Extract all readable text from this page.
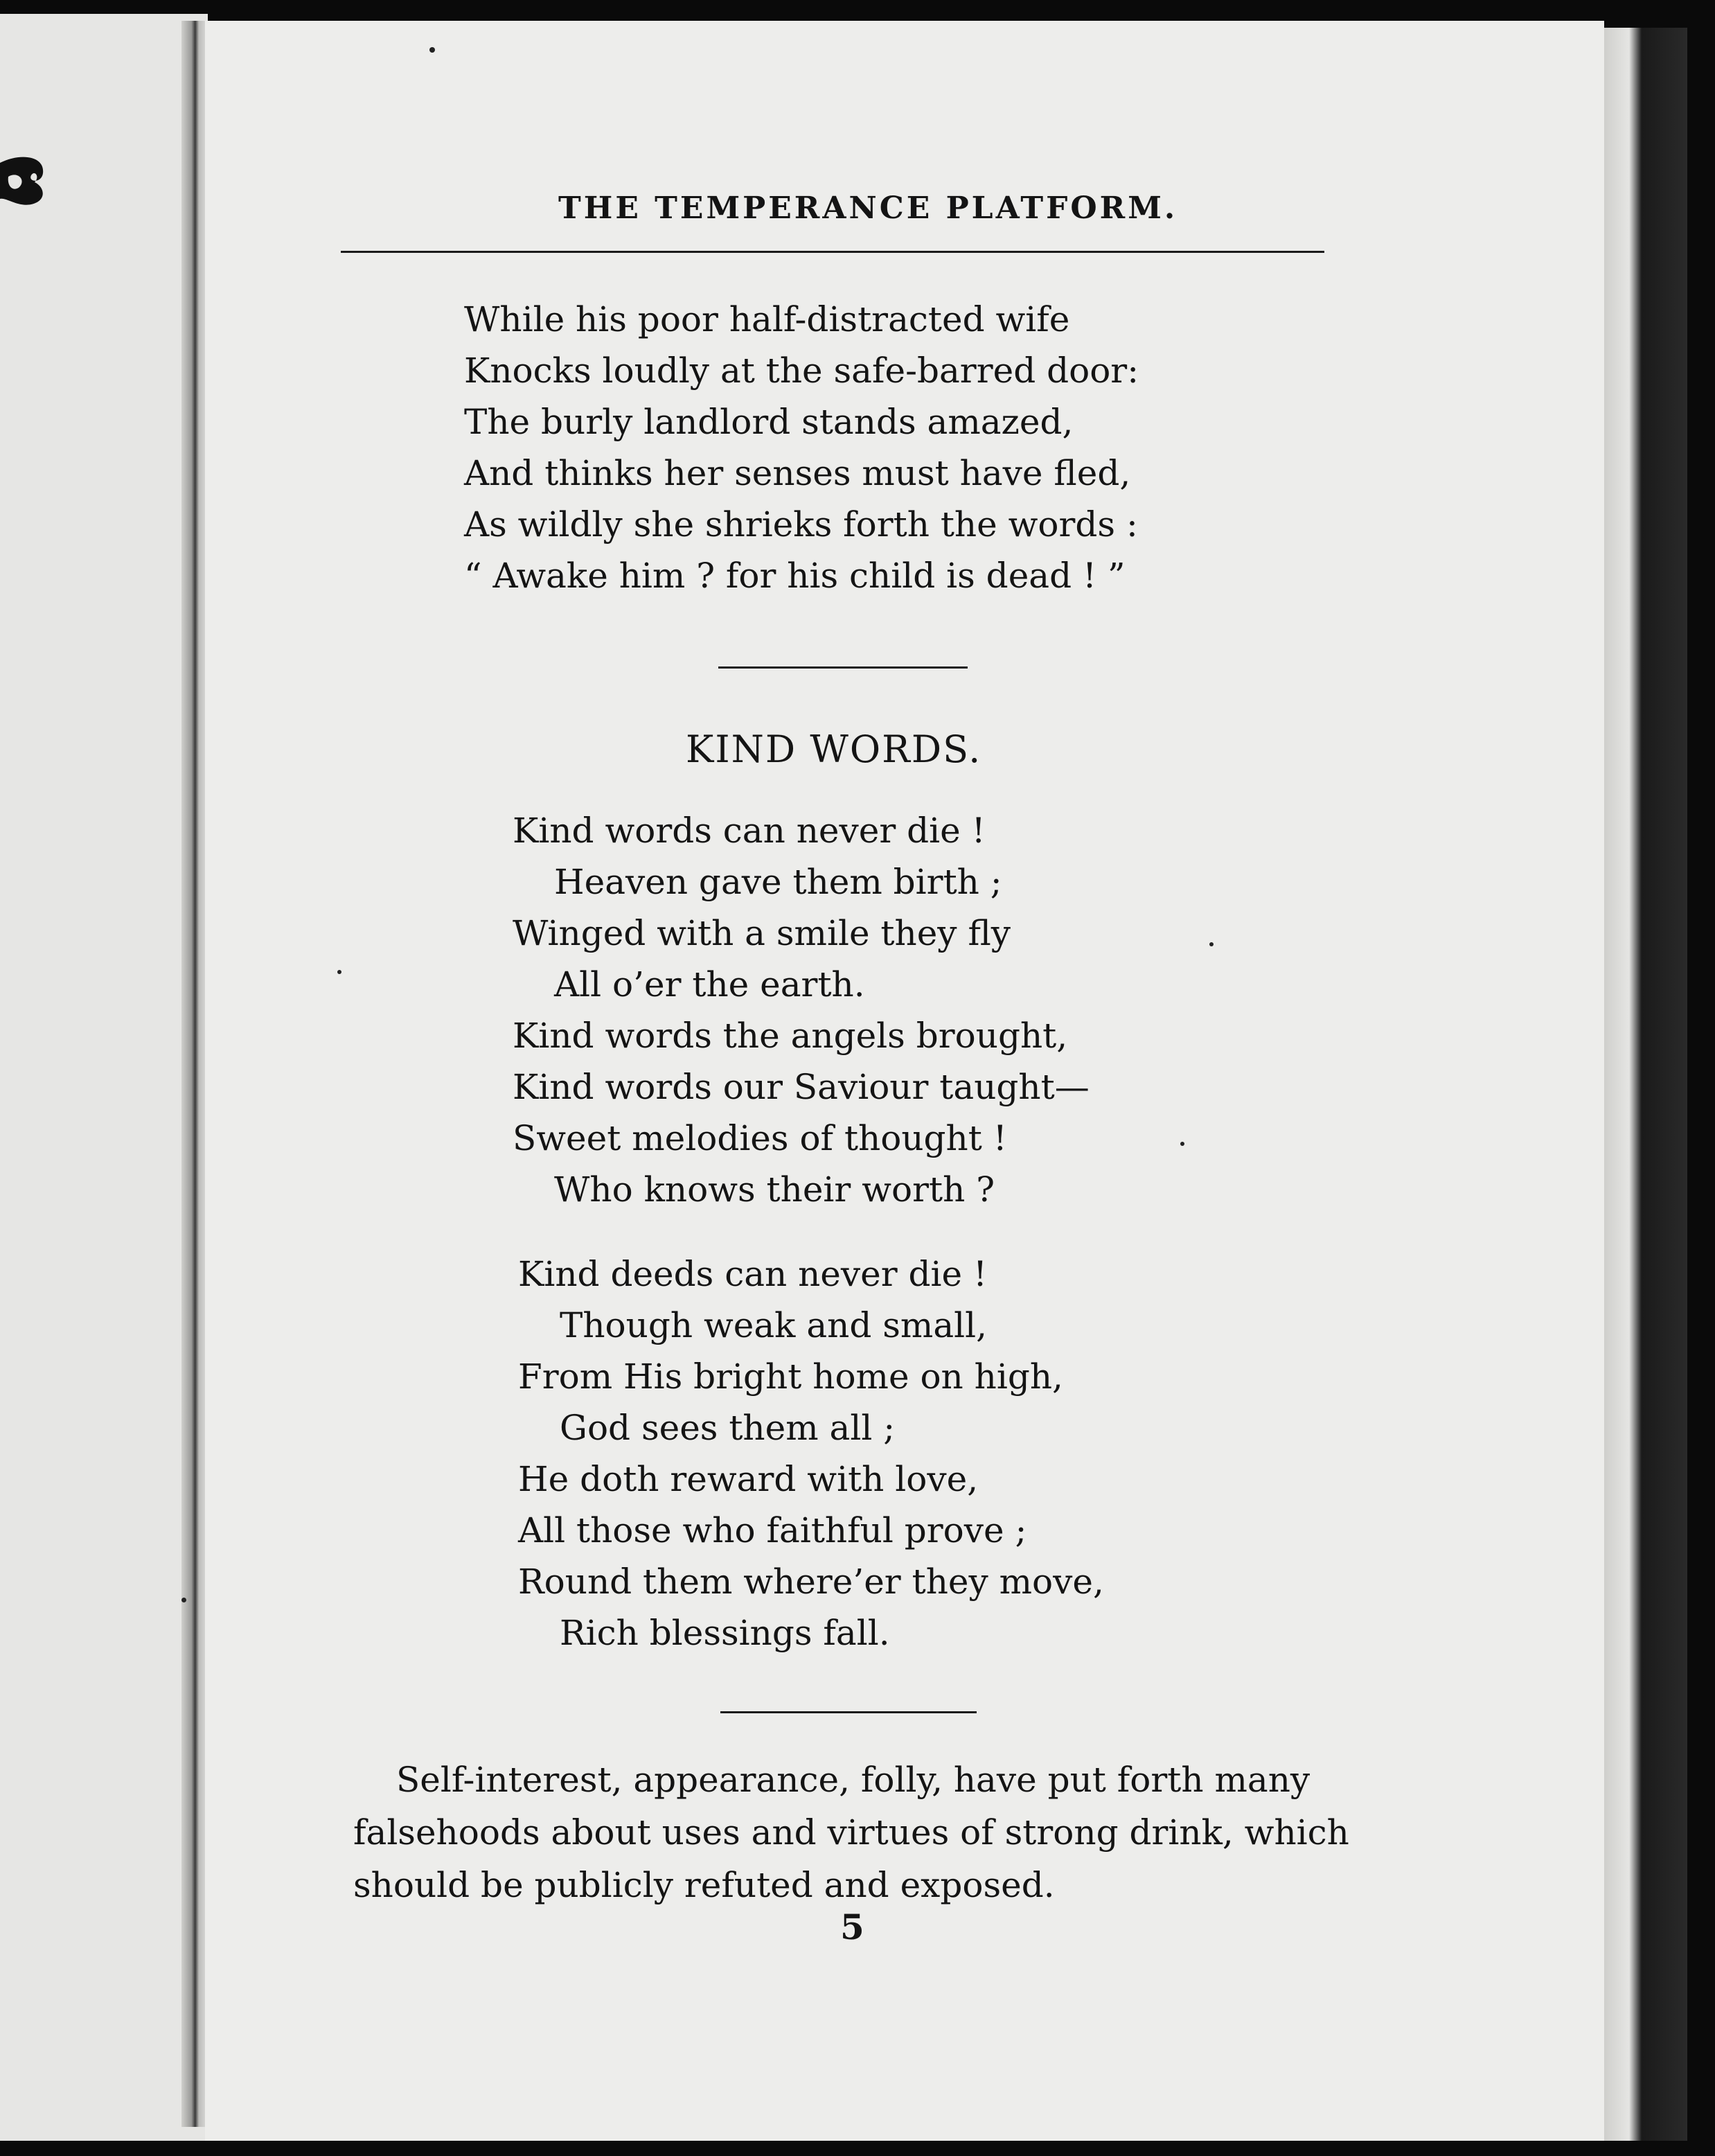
THE TEMPERANCE PLATFORM.
While his poor half-distracted wife
Knocks loudly at the safe-barred door:
The burly landlord stands amazed,
And thinks her senses must have fled,
As wildly she shrieks forth the words :
“ Awake him ? for his child is dead ! ”
KIND WORDS.
Kind words can never die !
Heaven gave them birth ;
Winged with a smile they fly
All o’er the earth.
Kind words the angels brought,
Kind words our Saviour taught—
Sweet melodies of thought !
Who knows their worth ?
Kind deeds can never die !
Though weak and small,
From His bright home on high,
God sees them all ;
He doth reward with love,
All those who faithful prove ;
Round them where’er they move,
Rich blessings fall.
Self-interest, appearance, folly, have put forth many
falsehoods about uses and virtues of strong drink, which
should be publicly refuted and exposed.
5
